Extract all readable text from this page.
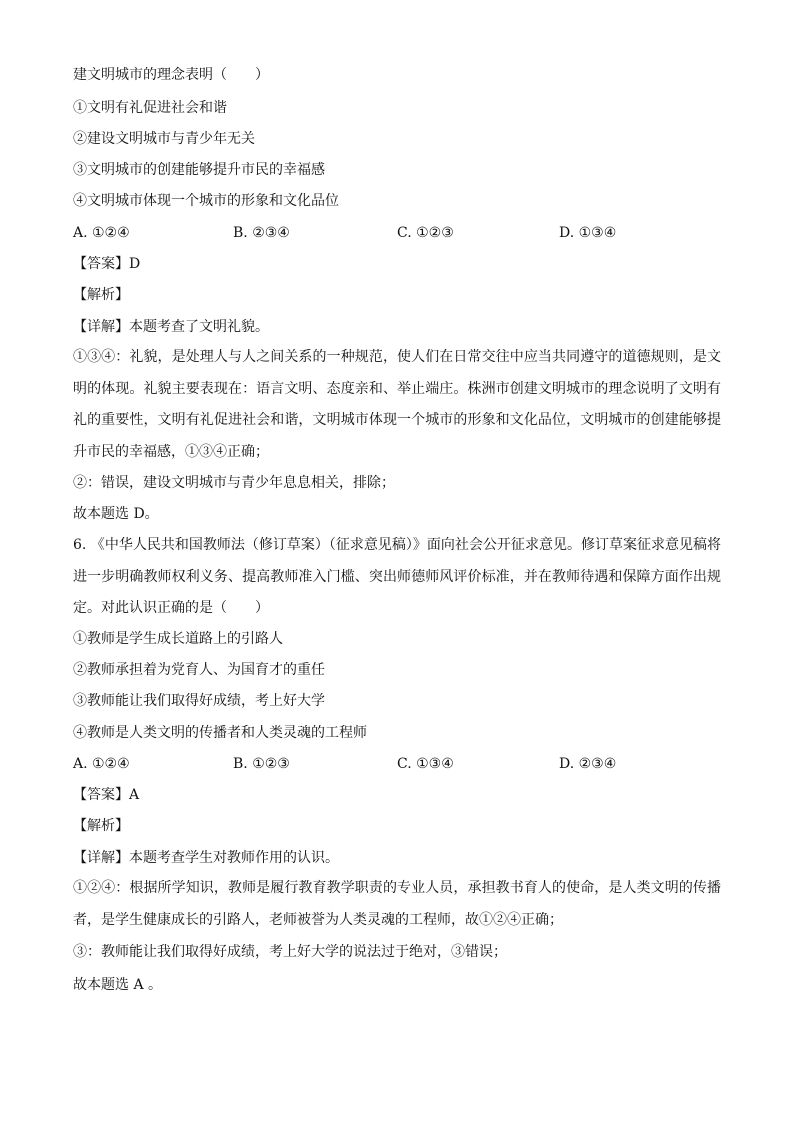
建文明城市的理念表明（　　）
①文明有礼促进社会和谐
②建设文明城市与青少年无关
③文明城市的创建能够提升市民的幸福感
④文明城市体现一个城市的形象和文化品位
A. ①②④	B. ②③④	C. ①②③	D. ①③④
【答案】D
【解析】
【详解】本题考查了文明礼貌。
①③④：礼貌，是处理人与人之间关系的一种规范，使人们在日常交往中应当共同遵守的道德规则，是文明的体现。礼貌主要表现在：语言文明、态度亲和、举止端庄。株洲市创建文明城市的理念说明了文明有礼的重要性，文明有礼促进社会和谐，文明城市体现一个城市的形象和文化品位，文明城市的创建能够提升市民的幸福感，①③④正确；
②：错误，建设文明城市与青少年息息相关，排除；
故本题选 D。
6. 《中华人民共和国教师法（修订草案）（征求意见稿）》面向社会公开征求意见。修订草案征求意见稿将进一步明确教师权利义务、提高教师准入门槛、突出师德师风评价标准，并在教师待遇和保障方面作出规定。对此认识正确的是（　　）
①教师是学生成长道路上的引路人
②教师承担着为党育人、为国育才的重任
③教师能让我们取得好成绩，考上好大学
④教师是人类文明的传播者和人类灵魂的工程师
A. ①②④	B. ①②③	C. ①③④	D. ②③④
【答案】A
【解析】
【详解】本题考查学生对教师作用的认识。
①②④：根据所学知识，教师是履行教育教学职责的专业人员，承担教书育人的使命，是人类文明的传播者，是学生健康成长的引路人，老师被誉为人类灵魂的工程师，故①②④正确；
③：教师能让我们取得好成绩，考上好大学的说法过于绝对，③错误；
故本题选 A 。
